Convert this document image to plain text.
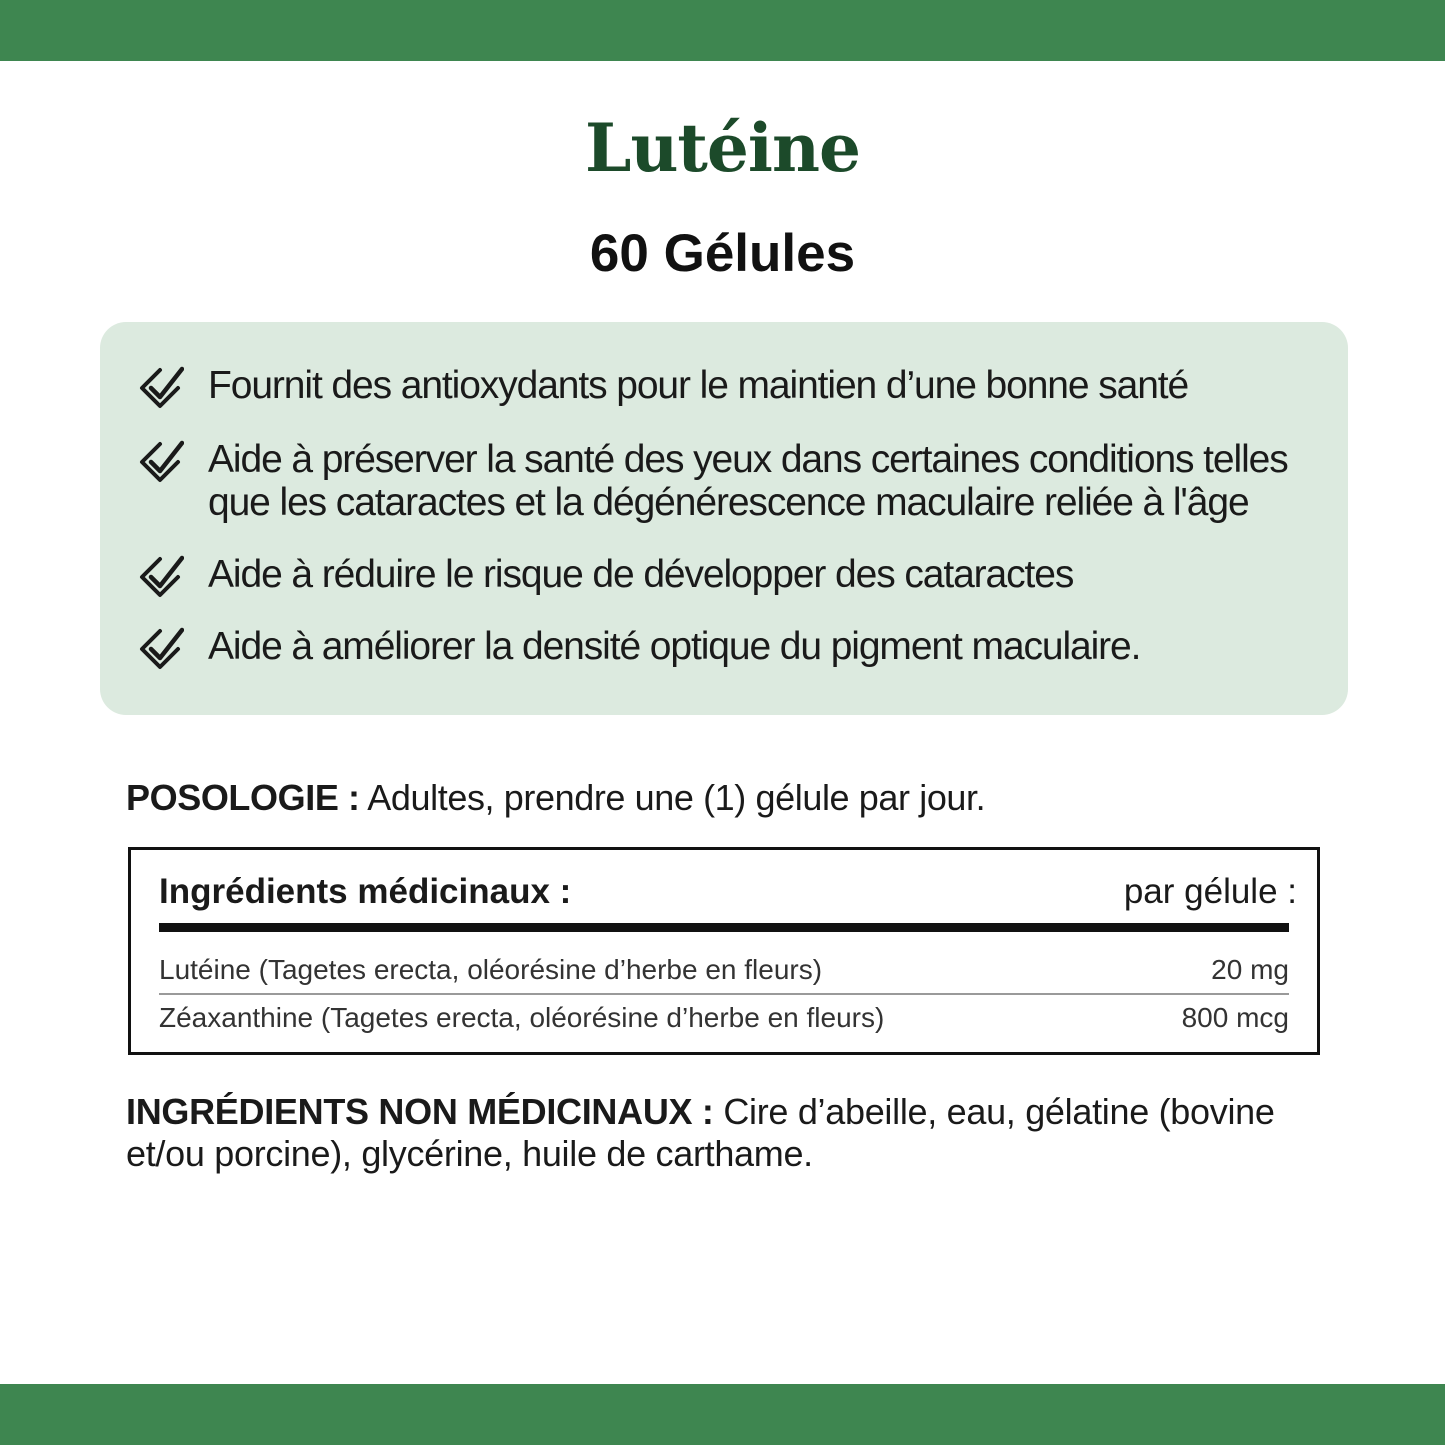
Lutéine
60 Gélules
Fournit des antioxydants pour le maintien d’une bonne santé
Aide à préserver la santé des yeux dans certaines conditions telles que les cataractes et la dégénérescence maculaire reliée à l'âge
Aide à réduire le risque de développer des cataractes
Aide à améliorer la densité optique du pigment maculaire.
POSOLOGIE : Adultes, prendre une (1) gélule par jour.
Ingrédients médicinaux :	par gélule :
Lutéine (Tagetes erecta, oléorésine d’herbe en fleurs)	20 mg
Zéaxanthine (Tagetes erecta, oléorésine d’herbe en fleurs)	800 mcg
INGRÉDIENTS NON MÉDICINAUX : Cire d’abeille, eau, gélatine (bovine et/ou porcine), glycérine, huile de carthame.
